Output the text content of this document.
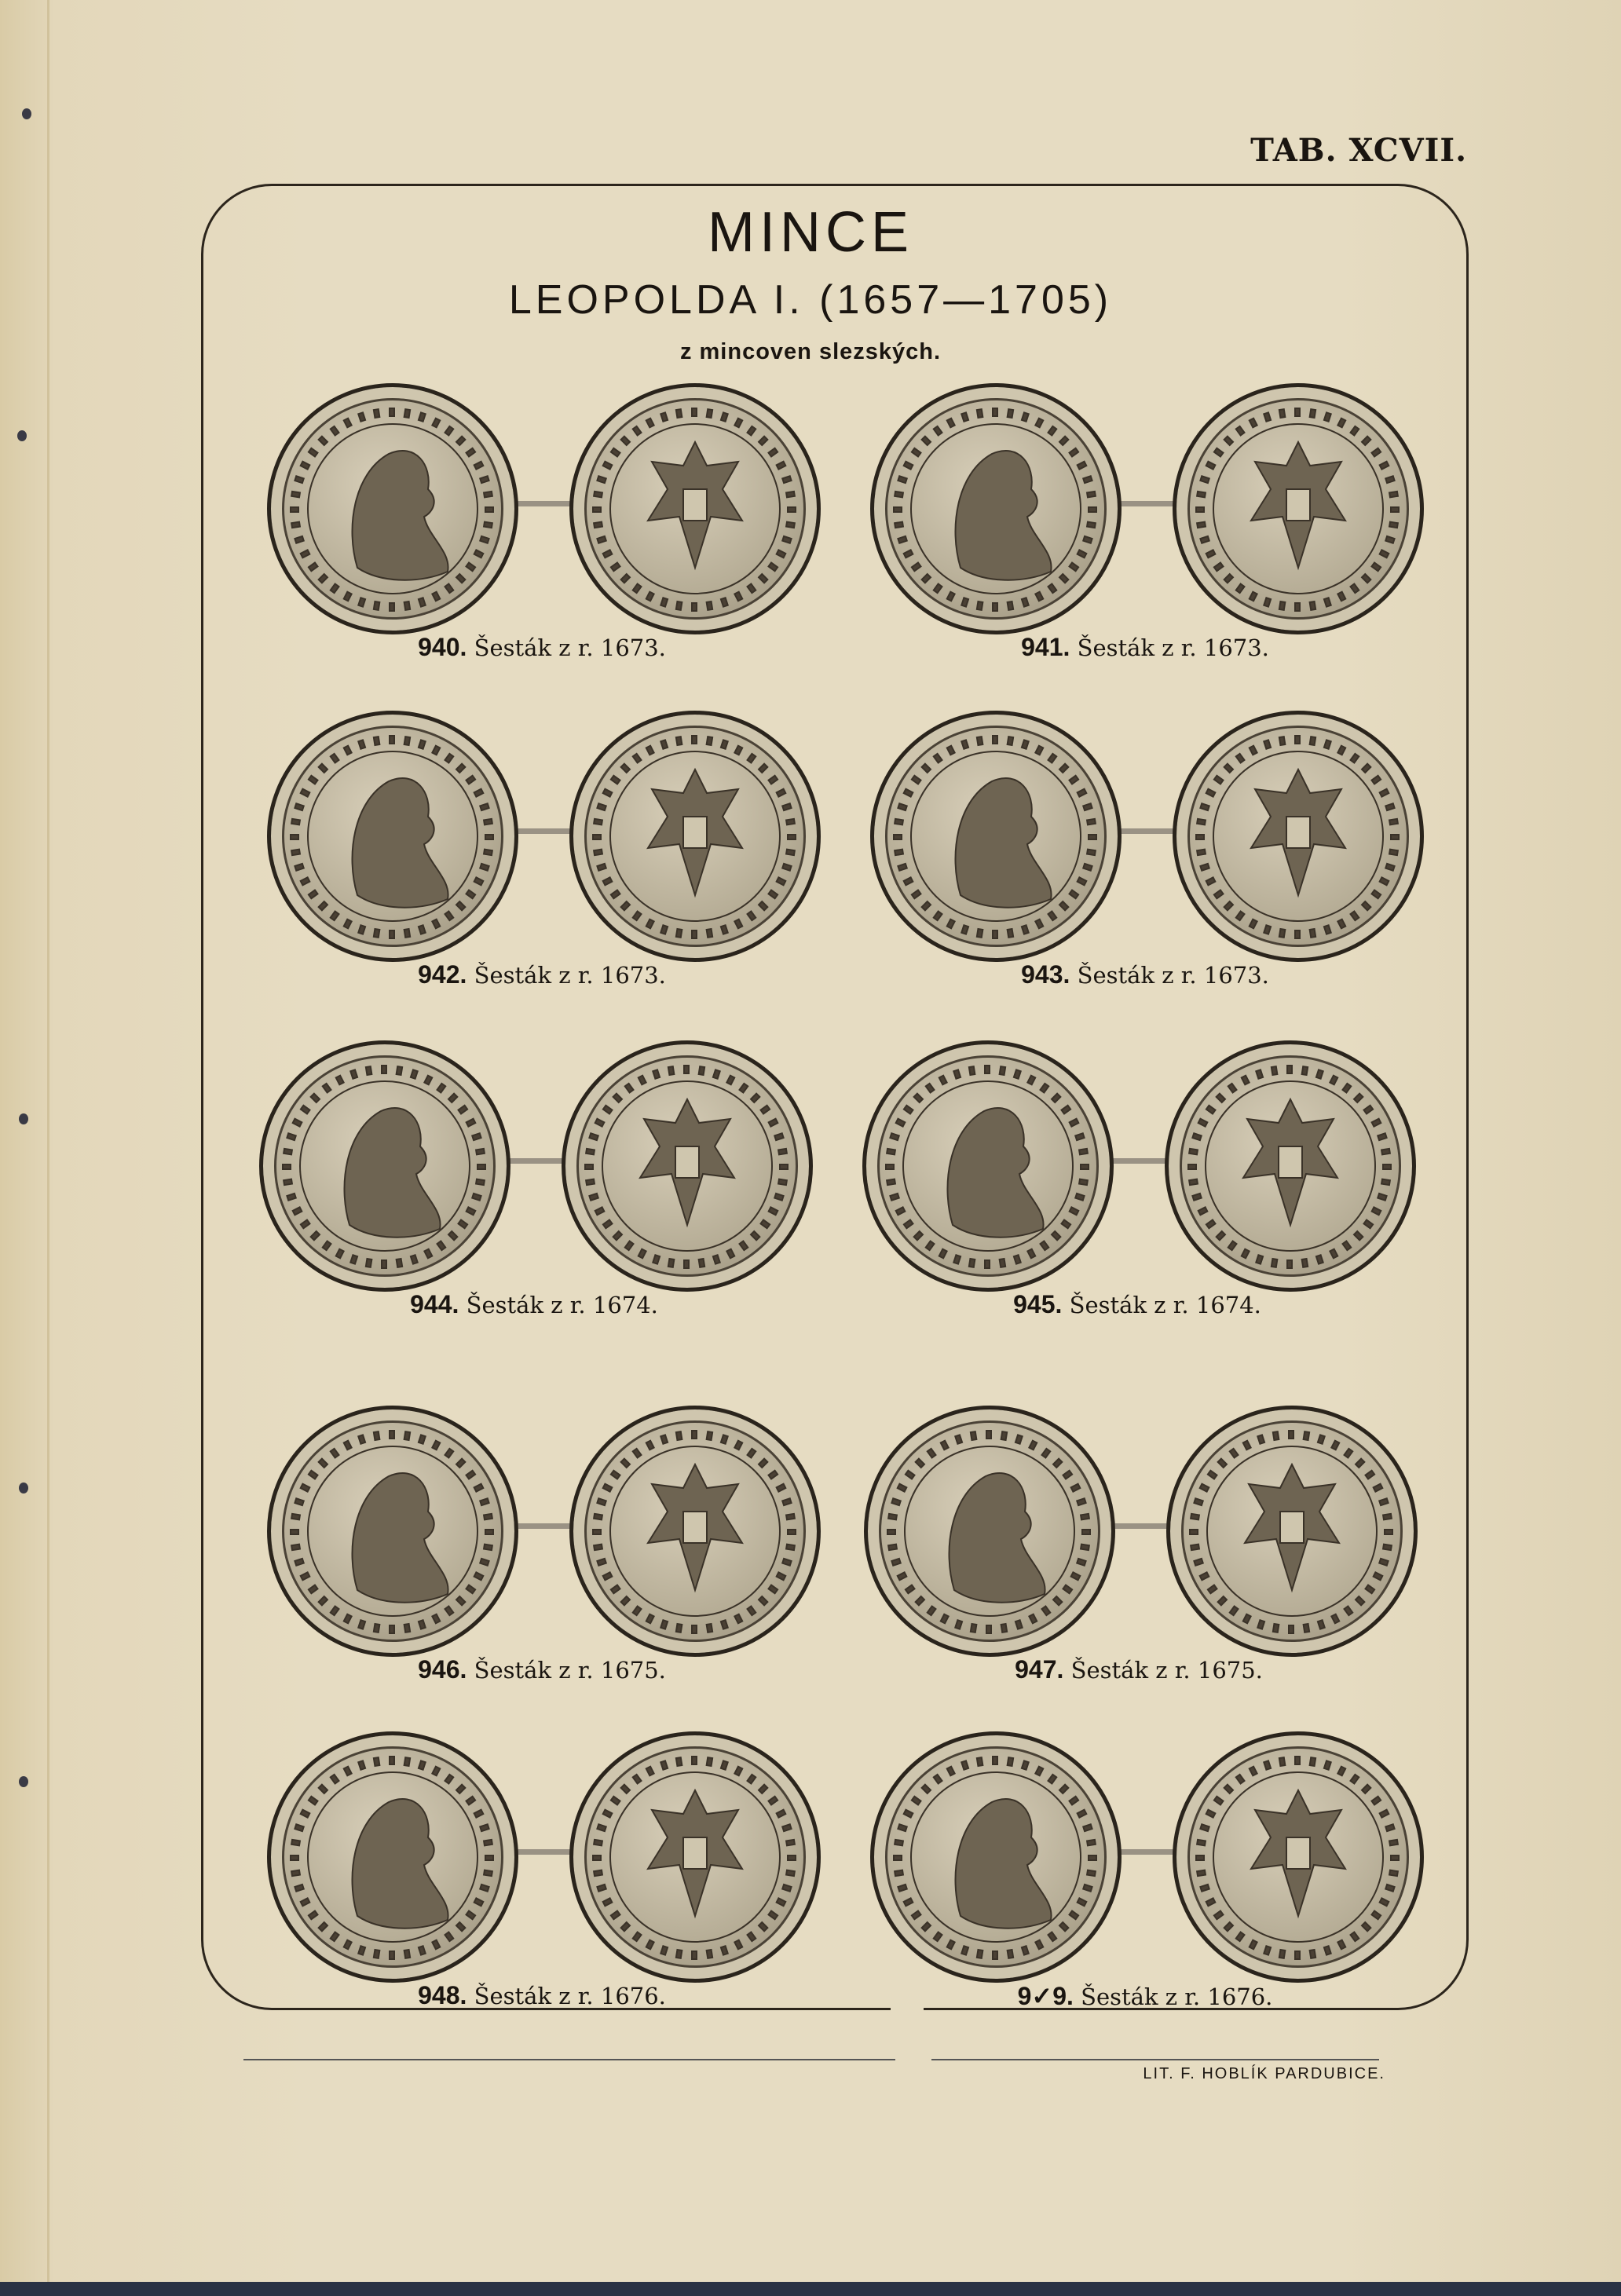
TAB. XCVII.
MINCE
LEOPOLDA I. (1657—1705)
z mincoven slezských.
940. Šesták z r. 1673.	941. Šesták z r. 1673.
942. Šesták z r. 1673.	943. Šesták z r. 1673.
944. Šesták z r. 1674.	945. Šesták z r. 1674.
946. Šesták z r. 1675.	947. Šesták z r. 1675.
948. Šesták z r. 1676.	9✓9. Šesták z r. 1676.
LIT. F. HOBLÍK PARDUBICE.
